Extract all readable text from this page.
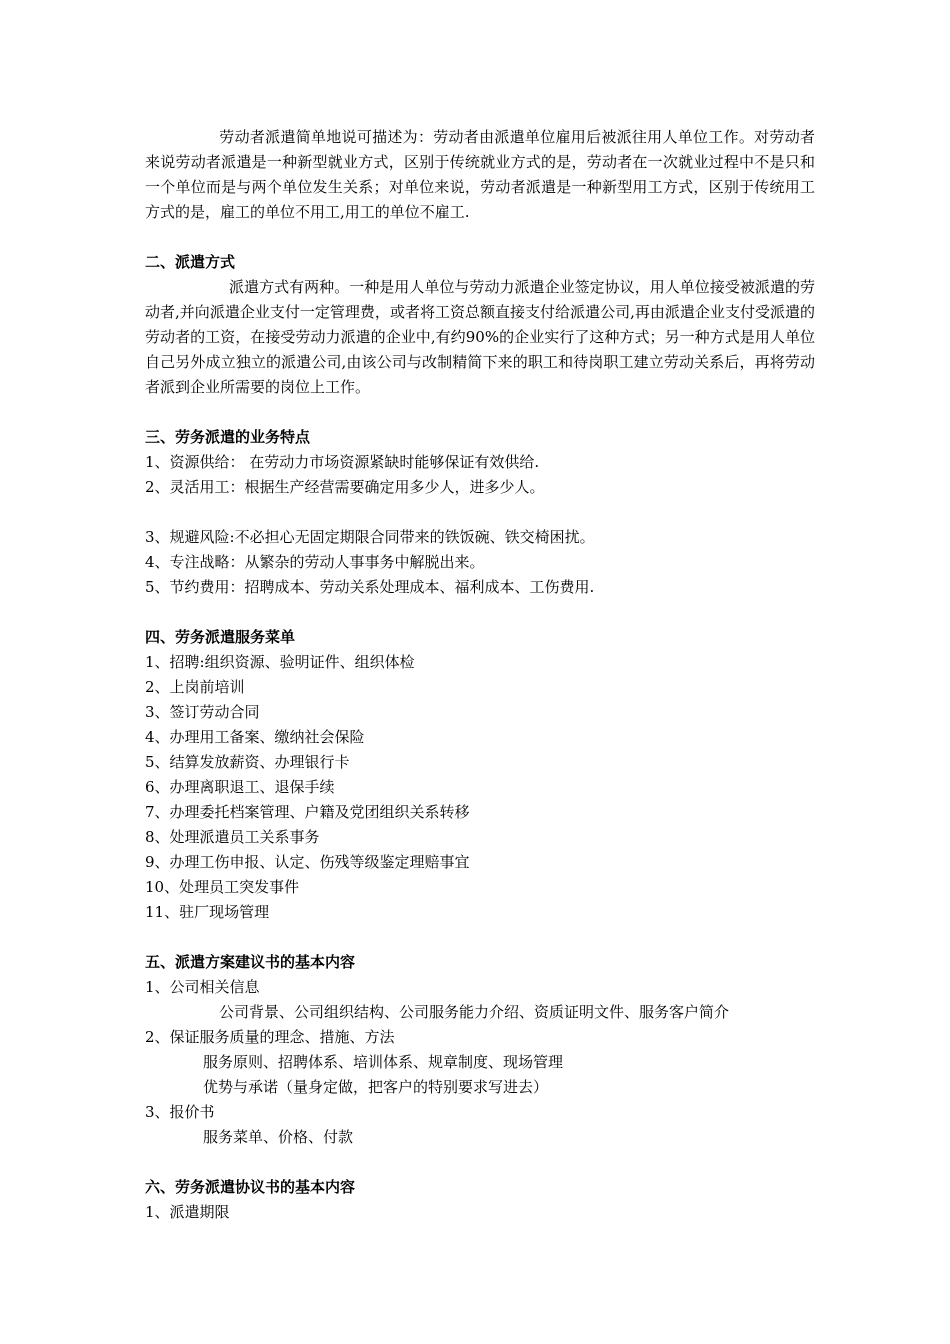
劳动者派遣简单地说可描述为：劳动者由派遣单位雇用后被派往用人单位工作。对劳动者来说劳动者派遣是一种新型就业方式，区别于传统就业方式的是，劳动者在一次就业过程中不是只和一个单位而是与两个单位发生关系；对单位来说，劳动者派遣是一种新型用工方式，区别于传统用工方式的是，雇工的单位不用工,用工的单位不雇工.

二、派遣方式

派遣方式有两种。一种是用人单位与劳动力派遣企业签定协议，用人单位接受被派遣的劳动者,并向派遣企业支付一定管理费，或者将工资总额直接支付给派遣公司,再由派遣企业支付受派遣的劳动者的工资，在接受劳动力派遣的企业中,有约90%的企业实行了这种方式；另一种方式是用人单位自己另外成立独立的派遣公司,由该公司与改制精简下来的职工和待岗职工建立劳动关系后，再将劳动者派到企业所需要的岗位上工作。

三、劳务派遣的业务特点

1、资源供给： 在劳动力市场资源紧缺时能够保证有效供给.

2、灵活用工：根据生产经营需要确定用多少人，进多少人。

3、规避风险:不必担心无固定期限合同带来的铁饭碗、铁交椅困扰。

4、专注战略：从繁杂的劳动人事事务中解脱出来。

5、节约费用：招聘成本、劳动关系处理成本、福利成本、工伤费用.

四、劳务派遣服务菜单

1、招聘:组织资源、验明证件、组织体检

2、上岗前培训

3、签订劳动合同

4、办理用工备案、缴纳社会保险

5、结算发放薪资、办理银行卡

6、办理离职退工、退保手续

7、办理委托档案管理、户籍及党团组织关系转移

8、处理派遣员工关系事务

9、办理工伤申报、认定、伤残等级鉴定理赔事宜

10、处理员工突发事件

11、驻厂现场管理

五、派遣方案建议书的基本内容

1、公司相关信息

公司背景、公司组织结构、公司服务能力介绍、资质证明文件、服务客户简介

2、保证服务质量的理念、措施、方法

服务原则、招聘体系、培训体系、规章制度、现场管理

优势与承诺（量身定做，把客户的特别要求写进去）

3、报价书

服务菜单、价格、付款

六、劳务派遣协议书的基本内容

1、派遣期限
